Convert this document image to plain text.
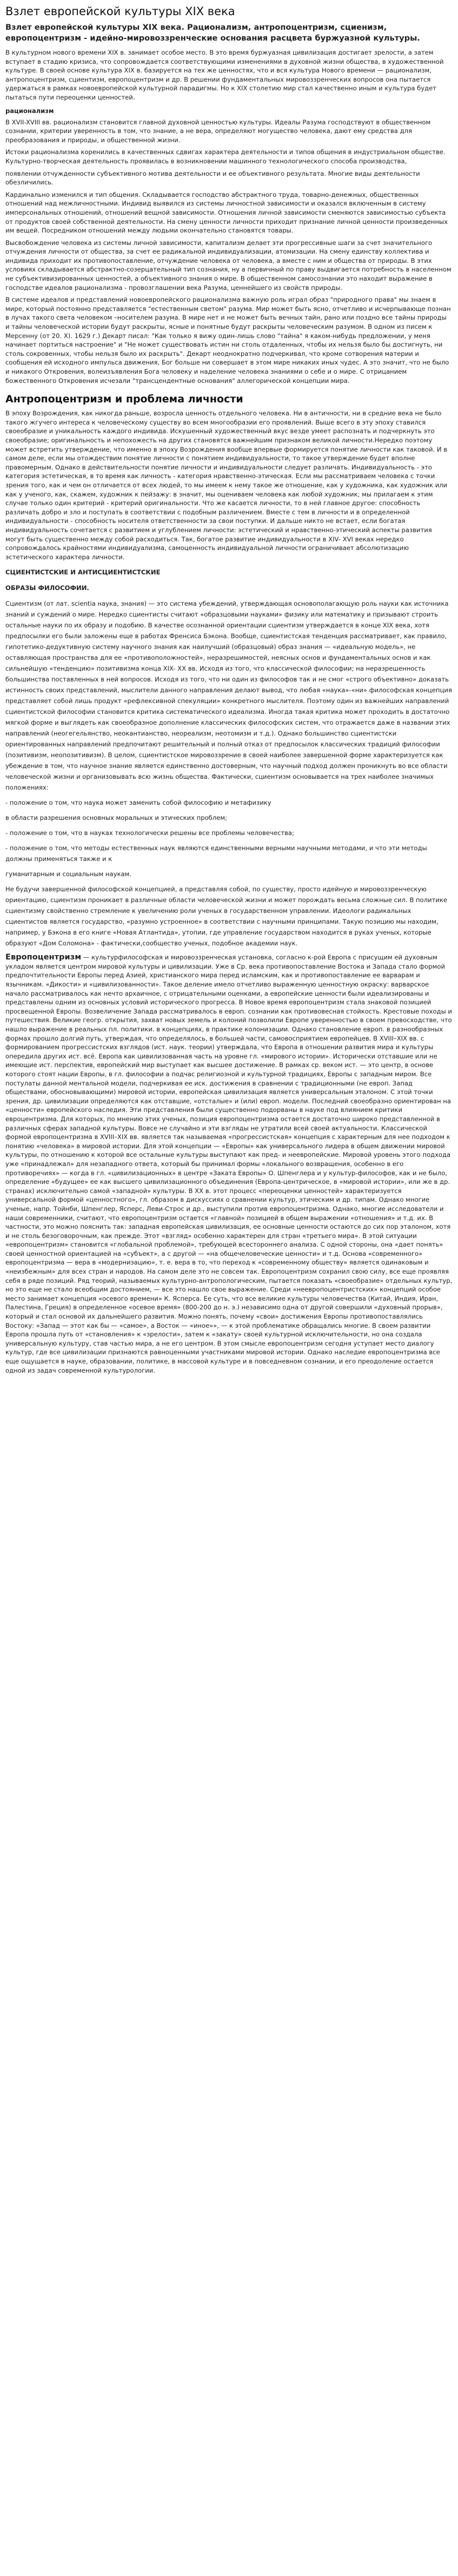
Взлет европейской культуры XIX века

Взлет европейской культуры XIX века. Рационализм, антропоцентризм, сциенизм, европоцентризм - идейно-мировоззренческие основания расцвета буржуазной культуры.

В культурном нового времени XIX в. занимает особое место. В это время буржуазная цивилизация достигает зрелости, а затем вступает в стадию кризиса, что сопровождается соответствующими изменениями в духовной жизни общества, в художественной культуре. В своей основе культура XIX в. базируется на тех же ценностях, что и вся культура Нового времени — рационализм, антропоцентризм, сциентизм, европоцентризм и др. В решении фундаментальных мировоззренческих вопросов она пытается удержаться в рамках новоевропейской культурной парадигмы. Но к XIX столетию мир стал качественно иным и культура будет пытаться пути переоценки ценностей.

рационализм

В XVII-XVIII вв. рационализм становится главной духовной ценностью культуры. Идеалы Разума господствуют в общественном сознании, критерии уверенность в том, что знание, а не вера, определяют могущество человека, дают ему средства для преобразования и природы, и общественной жизни.

Истоки рационализма коренились в качественных сдвигах характера деятельности и типов общения в индустриальном обществе. Культурно-творческая деятельность проявилась в возникновении машинного технологического способа производства,

появлении отчужденности субъективного мотива деятельности и ее объективного результата. Многие виды деятельности обезличились.

Кардинально изменился и тип общения. Складывается господство абстрактного труда, товарно-денежных, общественных отношений над межличностными. Индивид выявился из системы личностной зависимости и оказался включенным в систему имперсональных отношений, отношений вещной зависимости. Отношения личной зависимости сменяются зависимостью субъекта от продуктов своей собственной деятельности. На смену ценности личности приходит признание личной ценности произведенных им вещей. Посредником отношений между людьми окончательно становятся товары.

Высвобождение человека из системы личной зависимости, капитализм делает эти прогрессивные шаги за счет значительного отчуждения личности от общества, за счет ее радикальной индивидуализации, атомизации. На смену единству коллектива и индивида приходит их противопоставление, отчуждение человека от человека, а вместе с ним и общества от природы. В этих условиях складывается абстрактно-созерцательный тип сознания, ну а первичный по праву выдвигается потребность в населенном не субъективизированных ценностей, а объективного знания о мире. В общественном самосознании это находит выражение в господстве идеалов рационализма - провозглашении века Разума, ценнейшего из свойств природы.

В системе идеалов и представлений новоевропейского рационализма важную роль играл образ "природного права" мы знаем в мире, который постоянно представляется "естественным светом" разума. Мир может быть ясно, отчетливо и исчерпывающе познан в лучах такого света человеком –носителем разума. В мире нет и не может быть вечных тайн, рано или поздно все тайны природы и тайны человеческой истории будут раскрыты, ясные и понятные будут раскрыты человеческим разумом. В одном из писем к Мерсенну (от 20. Х). 1629 г.) Декарт писал: "Как только я вижу один-лишь слово "тайна" я каком-нибудь предложении, у меня начинает портиться настроение" и "Не может существовать истин ни столь отдаленных, чтобы их нельзя было бы достигнуть, ни столь сокровенных, чтобы нельзя было их раскрыть". Декарт неоднократно подчеркивал, что кроме сотворения материи и сообщения ей исходного импульса движения, Бог больше ни совершает в этом мире никаких иных чудес. А это значит, что не было и никакого Откровения, волеизъявления Бога человеку и наделение человека знаниями о себе и о мире. С отрицанием божественного Откровения исчезали "трансцендентные основания" аллегорической концепции мира.

Антропоцентризм и проблема личности

В эпоху Возрождения, как никогда раньше, возросла ценность отдельного человека. Ни в античности, ни в средние века не было такого жгучего интереса к человеческому существу во всем многообразии его проявлений. Выше всего в эту эпоху ставился своеобразие и уникальность каждого индивида. Искушенный художественный вкус везде умеет распознать и подчеркнуть это своеобразие; оригинальность и непохожесть на других становятся важнейшим признаком великой личности.Нередко поэтому может встретить утверждение, что именно в эпоху Возрождения вообще впервые формируется понятие личности как таковой. И в самом деле, если мы отождествим понятие личности с понятием индивидуальности, то такое утверждение будет вполне правомерным. Однако в действительности понятие личности и индивидуальности следует различать. Индивидуальность - это категория эстетическая, в то время как личность - категория нравственно-этическая. Если мы рассматриваем человека с точки зрения того, как и чем он отличается от всех людей, то мы имеем к нему такое же отношение, как у художника, как художник или как у ученого, как, скажем, художник к пейзажу: в значит, мы оцениваем человека как любой художник; мы прилагаем к этим случае только один критерий - критерий оригинальности. Что же касается личности, то в ней главное другое: способность различать добро и зло и поступать в соответствии с подобным различением. Вместе с тем в личности и в определенной индивидуальности - способность носителя ответственности за свои поступки. И дальше никто не встает, если богатая индивидуальность сочетается с развитием и углублением личности: эстетический и нравственно-этический аспекты развития могут быть существенно между собой расходиться. Так, богатое развитие индивидуальности в XIV- XVI веках нередко сопровождалось крайностями индивидуализма, самоценность индивидуальной личности ограничивает абсолютизацию эстетического характера личности.

СЦИЕНТИСТСКИЕ И АНТИСЦИЕНТИСТСКИЕ
ОБРАЗЫ ФИЛОСОФИИ.

Сциентизм (от лат. scientia наука, знания) — это система убеждений, утверждающая основополагающую роль науки как источника знаний и суждений о мире. Нередко сциентисты считают «образцовыми науками» физику или математику и призывают строить остальные науки по их образу и подобию. В качестве осознанной ориентации сциентизм утверждается в конце XIX века, хотя предпосылки его были заложены еще в работах Френсиса Бэкона. Вообще, сциентистская тенденция рассматривает, как правило, гипотетико-дедуктивную систему научного знания как наилучший (образцовый) образ знания — «идеальную модель», не оставляющая пространства для ее «противоположностей», неразрешимостей, неясных основ и фундаментальных основ и как сильнейшую «тенденцию» позитивизма конца XIX- ХX вв. Исходя из того, что классической философии; на неразрешенность большинства поставленных в ней вопросов. Исходя из того, что ни один из философов так и не смог «строго объективно» доказать истинность своих представлений, мыслители данного направления делают вывод, что любая «наука»-«ни» философская концепция представляет собой лишь продукт «рефлексивной спекуляции» конкретного мыслителя. Поэтому один из важнейших направлений сциентистской философии становится критика систематического идеализма. Иногда такая критика может проходить в достаточно мягкой форме и выглядеть как своеобразное дополнение классических философских систем, что отражается даже в названии этих направлений (неогегельянство, неокантианство, неореализм, неотомизм и т.д.). Однако большинство сциентистски ориентированных направлений предпочитают решительный и полный отказ от предпосылок классических традиций философии (позитивизм, неопозитивизм). В целом, сциентистское мировоззрение в своей наиболее завершенной форме характеризуется как убеждение в том, что научное знание является единственно достоверным, что научный подход должен проникнуть во все области человеческой жизни и организовывать всю жизнь общества. Фактически, сциентизм основывается на трех наиболее значимых положениях:

- положение о том, что наука может заменить собой философию и метафизику

в области разрешения основных моральных и этических проблем;

- положение о том, что в науках технологически решены все проблемы человечества;

- положение о том, что методы естественных наук являются единственными верными научными методами, и что эти методы должны применяться также и к

гуманитарным и социальным наукам.

Не будучи завершенной философской концепцией, а представляя собой, по существу, просто идейную и мировоззренческую ориентацию, сциентизм проникает в различные области человеческой жизни и может порождать весьма сложные сил. В политике сциентизму свойственно стремление к увеличению роли ученых в государственном управлении. Идеологи радикальных сциентистов является государство, «разумно устроенное» в соответствии с научными принципами. Такую позицию мы находим, например, у Бэкона в его книге «Новая Атлантида», утопии, где управление государством находится в руках ученых, которые образуют «Дом Соломона» - фактически,сообщество ученых, подобное академии наук.

Европоцентризм — культурфилософская и мировоззренческая установка, согласно к-рой Европа с присущим ей духовным укладом является центром мировой культуры и цивилизации. Уже в Ср. века противопоставление Востока и Запада стало формой предпочтительности Европы перед Азией, христианского мира перед исламским, как и противопоставление ее варварам и язычникам. «Дикости» и «цивилизованности». Такое деление имело отчетливо выраженную ценностную окраску: варварское начало рассматривалось как нечто архаичное, с отрицательными оценками, а европейские ценности были идеализированы и представлены одним из основных условий исторического прогресса. В Новое время европоцентризм стала знаковой позицией просвещенной Европы. Возвеличение Запада рассматривалось в европ. сознании как противовесная стойкость. Крестовые походы и путешествия. Великие геогр. открытия, захват новых земель и колоний позволили Европе уверенностью в своем превосходстве, что нашло выражение в реальных пл. политики. в концепциях, в практике колонизации. Однако становление европ. в разнообразных формах прошло долгий путь, утверждая, что определялось, в большей части, самовосприятием европейцев. В XVIII–XIX вв. с формированием прогрессистских взглядов (ист. наук. теории) утверждала, что Европа в отношении развития мира и культуры опередила других ист. всё. Европа как цивилизованная часть на уровне гл. «мирового истории». Исторически отставшие или не имеющие ист. перспектив, европейский мир выступает как высшее достижение. В рамках ср. веком ист. — это центр, в основе которого стоят нации Европы, в гл. философии а подчас религиозной и культурной традициях, Европы с западным миром. Все постулаты данной ментальной модели, подчеркивая ее иск. достижения в сравнении с традиционными (не европ. Запад обществами, обосновывающими) мировой истории, европейская цивилизация является универсальным эталоном. С этой точки зрения, др. цивилизации определяются как отставшие, «отсталые» и (или) европ. модели. Последний своеобразно ориентирован на «ценности» европейского наследия. Эти представления были существенно подорваны в науке под влиянием критики евроцентризма. Для которых, по мнению этих ученых, позиция европоцентризма остается достаточно широко представленной в различных сферах западной культуры. Вовсе не случайно и эти взгляды не утратили всей своей актуальности. Классической формой европоцентризма в XVIII–XIX вв. является так называемая «прогрессистская» концепция с характерным для нее подходом к понятию «человека» в мировой истории. Для этой концепции — «Европы» как универсального лидера в общем движении мировой культуры, по отношению к которой все остальные культуры выступают как пред- и неевропейские. Мировой уровень этого подхода уже «принадлежал» для незападного ответа, который бы принимал формы «локального возвращения, особенно в его противоречиях» — когда в гл. «цивилизационных» в центре «Заката Европы» О. Шпенглера и у культур-философов, как и не было, определение «будущее» ее как высшего цивилизационного объединения (Европа-центрическое, в «мировой истории», или же в др. странах) исключительно самой «западной» культуры. В XX в. этот процесс «переоценки ценностей» характеризуется универсальной формой «ценностного», гл. образом в дискуссиях о сравнении культур, этическим и др. типам. Однако многие ученые, напр. Тойнби, Шпенглер, Ясперс, Леви-Строс и др., выступили против европоцентризма. Однако, многие исследователи и наши современники, считают, что европоцентризм остается «главной» позицией в общем выражении «отношения» и т.д. их. В частности, это можно пояснить так: западная европейская цивилизация, ее основные ценности остаются до сих пор эталоном, хотя и не столь безоговорочным, как прежде. Этот «взгляд» особенно характерен для стран «третьего мира». В этой ситуации «европоцентризм» становится «глобальной проблемой», требующей всестороннего анализа. С одной стороны, она «дает понять» своей ценностной ориентацией на «субъект», а с другой — «на общечеловеческие ценности» и т.д. Основа «современного» европоцентризма — вера в «модернизацию», т. е. вера в то, что переход к «современному обществу» является одинаковым и «неизбежным» для всех стран и народов. На самом деле это не совсем так. Европоцентризм сохранил свою силу, все еще проявляя себя в ряде позиций. Ряд теорий, называемых культурно-антропологическим, пытается показать «своеобразие» отдельных культур, но это еще не стало всеобщим достоянием, — все это нашло свое выражение. Среди «неевропоцентристских» концепций особое место занимает концепция «осевого времени» К. Ясперса. Ее суть, что все великие культуры человечества (Китай, Индия, Иран, Палестина, Греция) в определенное «осевое время» (800-200 до н. э.) независимо одна от другой совершили «духовный прорыв», который и стал основой их дальнейшего развития. Можно понять, почему «свои» достижения Европы противопоставлялись Востоку: «Запад — этот как бы — «самое», а Восток — «иное»», — к этой проблематике обращались многие. В своем развитии Европа прошла путь от «становления» к «зрелости», затем к «закату» своей культурной исключительности, но она создала универсальную культуру, став частью мира, а не его центром. В этом смысле европоцентризм сегодня уступает место диалогу культур, где все цивилизации признаются равноценными участниками мировой истории. Однако наследие европоцентризма все еще ощущается в науке, образовании, политике, в массовой культуре и в повседневном сознании, и его преодоление остается одной из задач современной культурологии.
